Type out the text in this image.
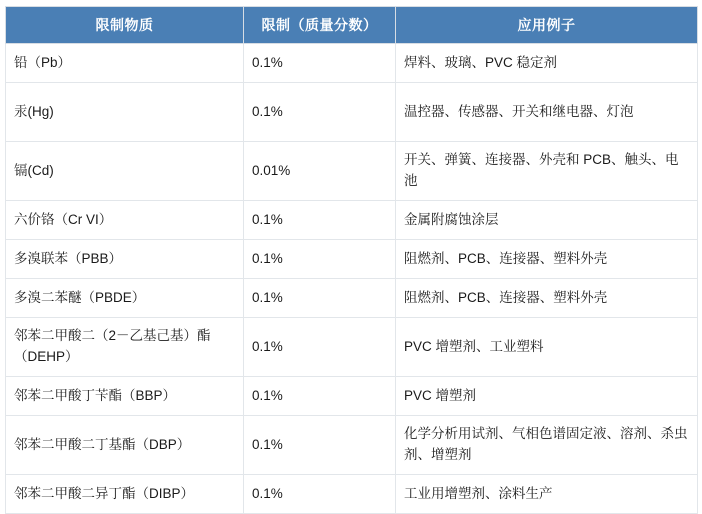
限制物质	限制（质量分数）	应用例子
铅（Pb）	0.1%	焊料、玻璃、PVC 稳定剂
汞(Hg)	0.1%	温控器、传感器、开关和继电器、灯泡
镉(Cd)	0.01%	开关、弹簧、连接器、外壳和 PCB、触头、电池
六价铬（Cr VI）	0.1%	金属附腐蚀涂层
多溴联苯（PBB）	0.1%	阻燃剂、PCB、连接器、塑料外壳
多溴二苯醚（PBDE）	0.1%	阻燃剂、PCB、连接器、塑料外壳
邻苯二甲酸二（2－乙基己基）酯（DEHP）	0.1%	PVC 增塑剂、工业塑料
邻苯二甲酸丁苄酯（BBP）	0.1%	PVC 增塑剂
邻苯二甲酸二丁基酯（DBP）	0.1%	化学分析用试剂、气相色谱固定液、溶剂、杀虫剂、增塑剂
邻苯二甲酸二异丁酯（DIBP）	0.1%	工业用增塑剂、涂料生产
